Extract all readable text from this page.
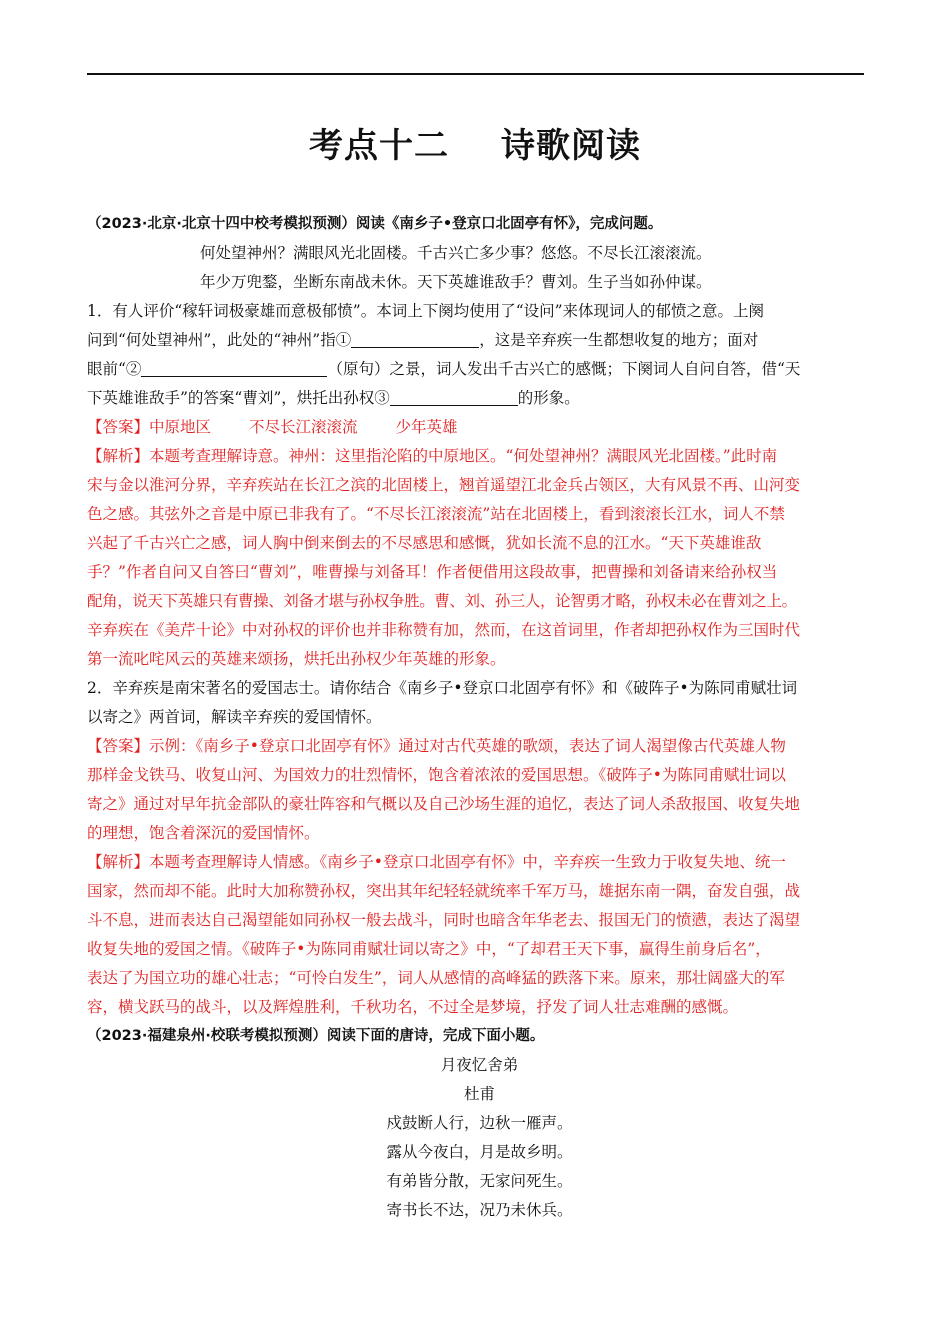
考点十二 诗歌阅读
（2023·北京·北京十四中校考模拟预测）阅读《南乡子•登京口北固亭有怀》，完成问题。
何处望神州？满眼风光北固楼。千古兴亡多少事？悠悠。不尽长江滚滚流。
年少万兜鍪，坐断东南战未休。天下英雄谁敌手？曹刘。生子当如孙仲谋。
1．有人评价“稼轩词极豪雄而意极郁愤”。本词上下阕均使用了“设问”来体现词人的郁愤之意。上阕
问到“何处望神州”，此处的“神州”指①	，这是辛弃疾一生都想收复的地方；面对
眼前“②	（原句）之景，词人发出千古兴亡的感慨；下阕词人自问自答，借“天
下英雄谁敌手”的答案“曹刘”，烘托出孙权③	的形象。
【答案】中原地区 不尽长江滚滚流 少年英雄
【解析】本题考查理解诗意。神州：这里指沦陷的中原地区。“何处望神州？满眼风光北固楼。”此时南
宋与金以淮河分界，辛弃疾站在长江之滨的北固楼上，翘首遥望江北金兵占领区，大有风景不再、山河变
色之感。其弦外之音是中原已非我有了。“不尽长江滚滚流”站在北固楼上，看到滚滚长江水，词人不禁
兴起了千古兴亡之感，词人胸中倒来倒去的不尽感思和感慨，犹如长流不息的江水。“天下英雄谁敌
手？”作者自问又自答曰“曹刘”，唯曹操与刘备耳！作者便借用这段故事，把曹操和刘备请来给孙权当
配角，说天下英雄只有曹操、刘备才堪与孙权争胜。曹、刘、孙三人，论智勇才略，孙权未必在曹刘之上。
辛弃疾在《美芹十论》中对孙权的评价也并非称赞有加，然而，在这首词里，作者却把孙权作为三国时代
第一流叱咤风云的英雄来颂扬，烘托出孙权少年英雄的形象。
2．辛弃疾是南宋著名的爱国志士。请你结合《南乡子•登京口北固亭有怀》和《破阵子•为陈同甫赋壮词
以寄之》两首词，解读辛弃疾的爱国情怀。
【答案】示例：《南乡子•登京口北固亭有怀》通过对古代英雄的歌颂，表达了词人渴望像古代英雄人物
那样金戈铁马、收复山河、为国效力的壮烈情怀，饱含着浓浓的爱国思想。《破阵子•为陈同甫赋壮词以
寄之》通过对早年抗金部队的豪壮阵容和气概以及自己沙场生涯的追忆，表达了词人杀敌报国、收复失地
的理想，饱含着深沉的爱国情怀。
【解析】本题考查理解诗人情感。《南乡子•登京口北固亭有怀》中，辛弃疾一生致力于收复失地、统一
国家，然而却不能。此时大加称赞孙权，突出其年纪轻轻就统率千军万马，雄据东南一隅，奋发自强，战
斗不息，进而表达自己渴望能如同孙权一般去战斗，同时也暗含年华老去、报国无门的愤懑，表达了渴望
收复失地的爱国之情。《破阵子•为陈同甫赋壮词以寄之》中，“了却君王天下事，赢得生前身后名”，
表达了为国立功的雄心壮志；“可怜白发生”，词人从感情的高峰猛的跌落下来。原来，那壮阔盛大的军
容，横戈跃马的战斗，以及辉煌胜利，千秋功名，不过全是梦境，抒发了词人壮志难酬的感慨。
（2023·福建泉州·校联考模拟预测）阅读下面的唐诗，完成下面小题。
月夜忆舍弟
杜甫
戍鼓断人行，边秋一雁声。
露从今夜白，月是故乡明。
有弟皆分散，无家问死生。
寄书长不达，况乃未休兵。
